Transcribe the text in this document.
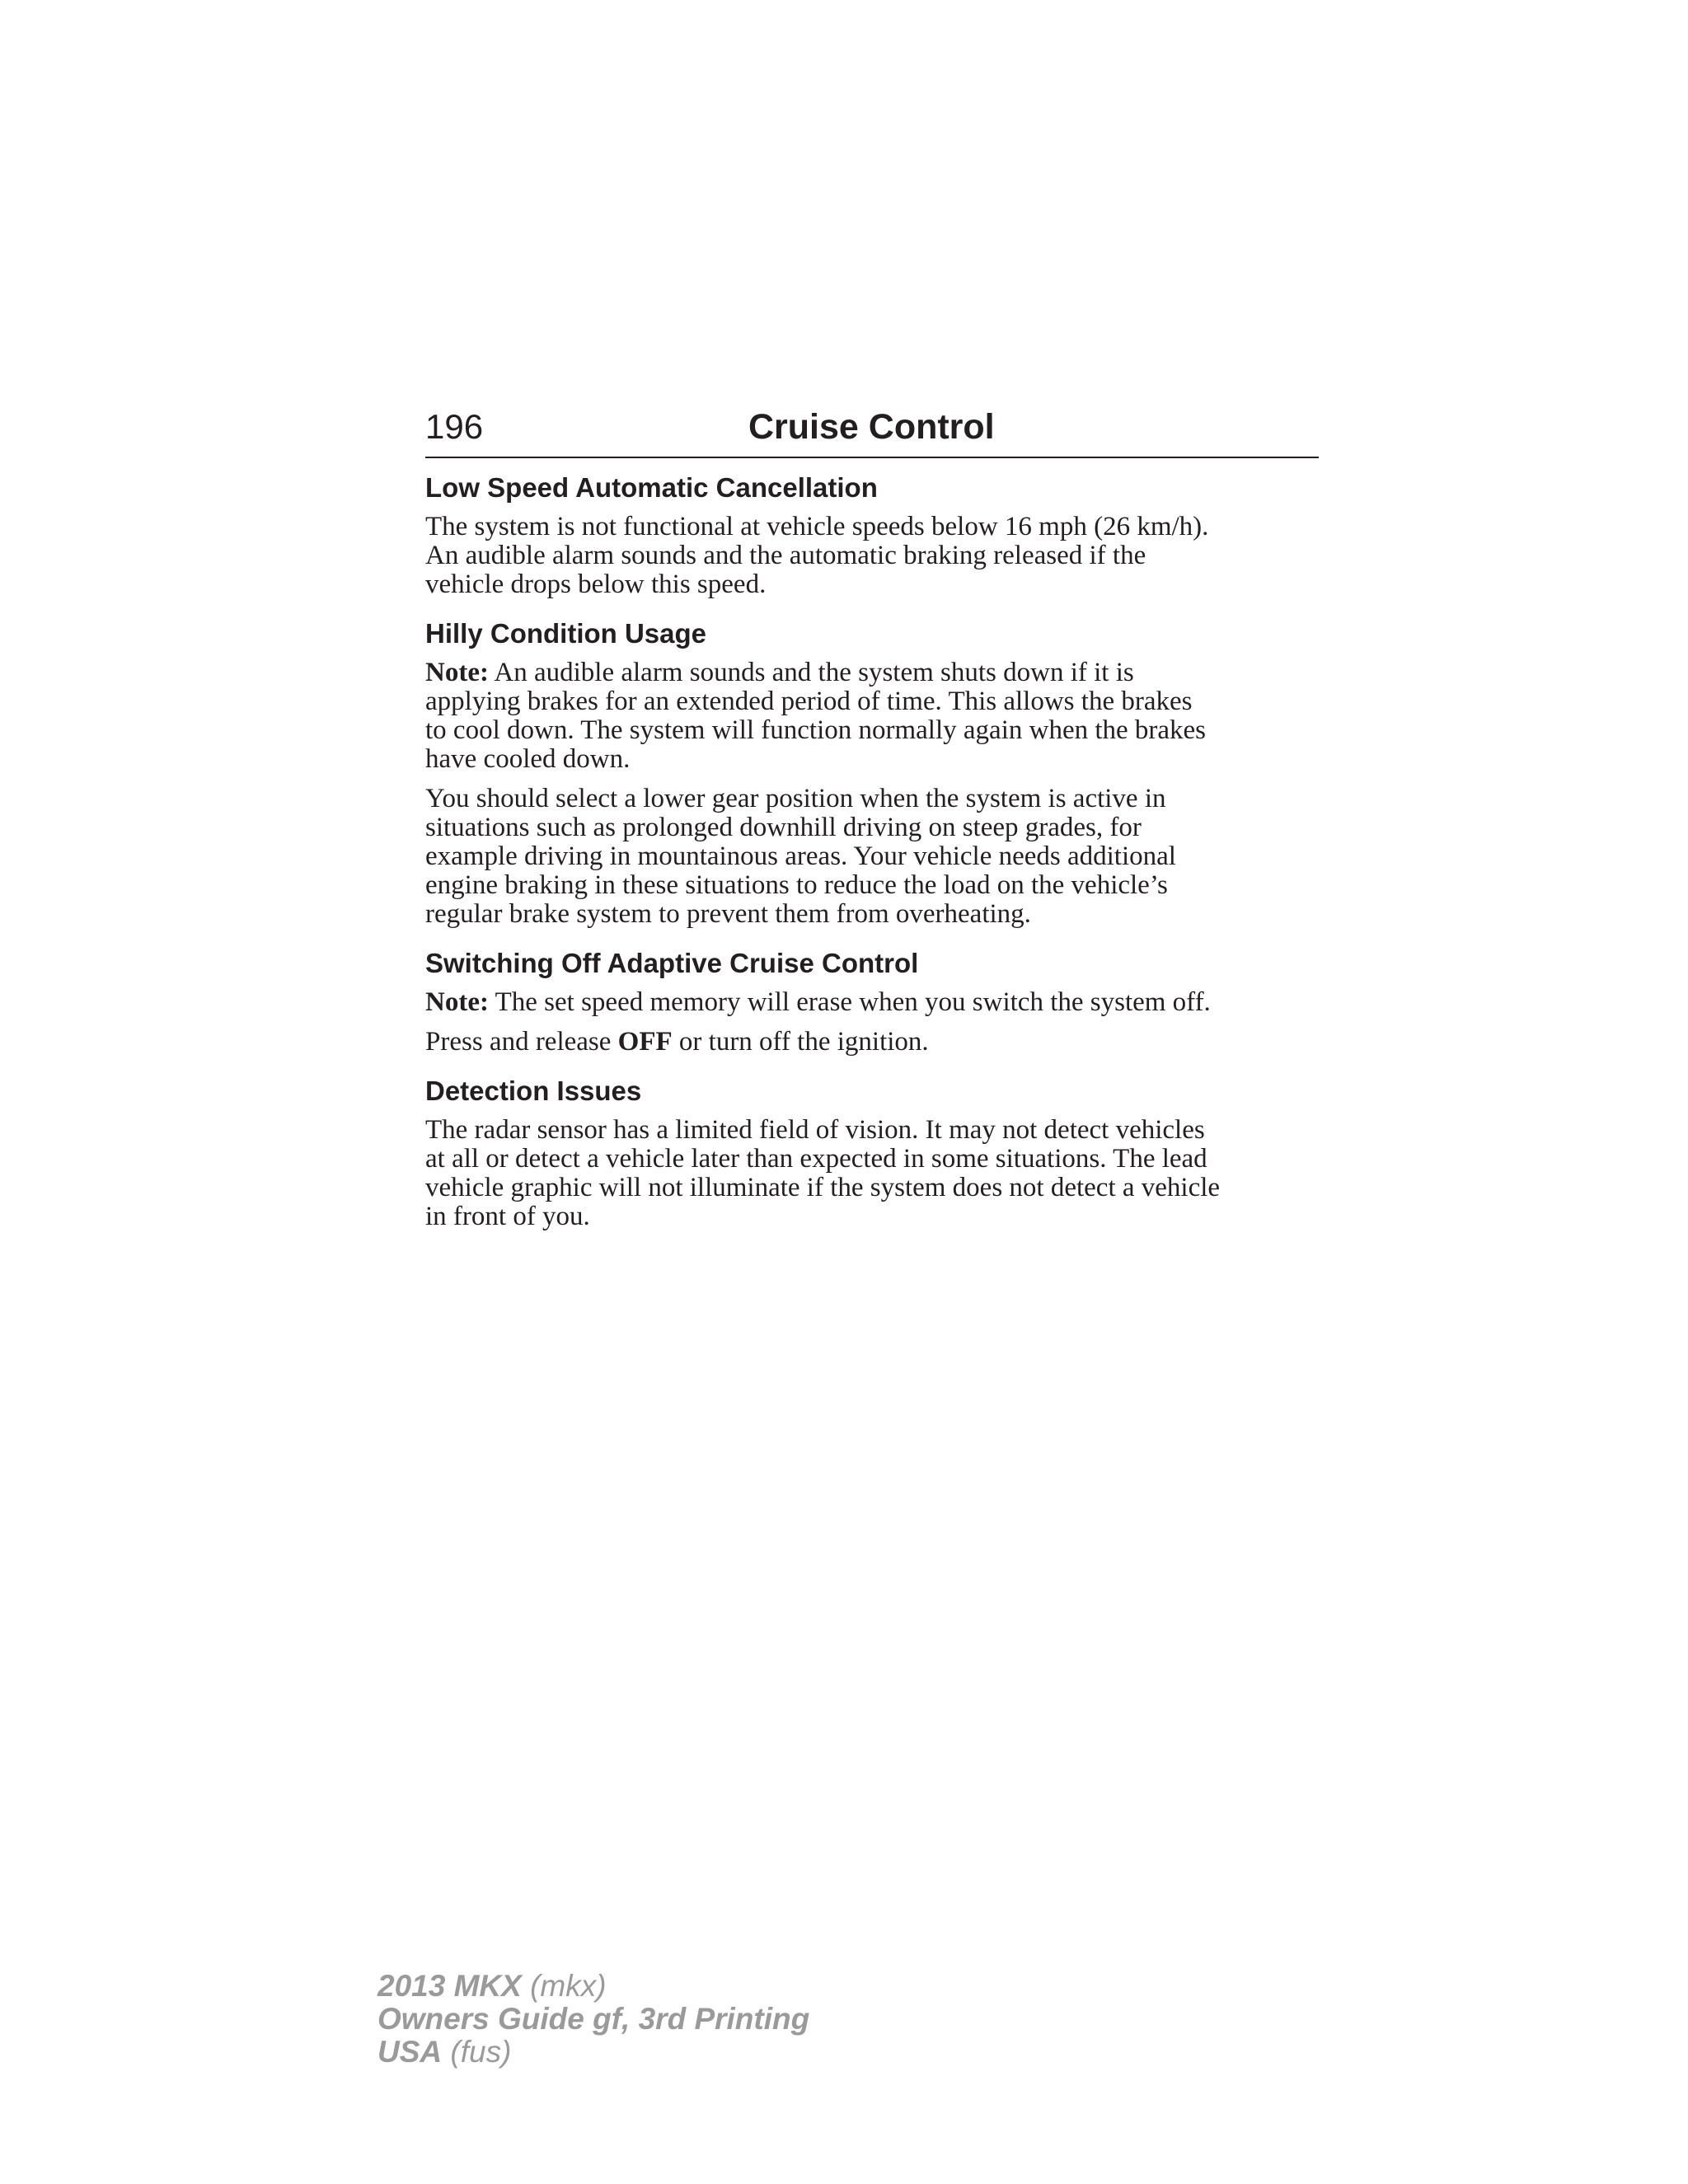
196	Cruise Control
Low Speed Automatic Cancellation
The system is not functional at vehicle speeds below 16 mph (26 km/h).
An audible alarm sounds and the automatic braking released if the
vehicle drops below this speed.
Hilly Condition Usage
Note: An audible alarm sounds and the system shuts down if it is
applying brakes for an extended period of time. This allows the brakes
to cool down. The system will function normally again when the brakes
have cooled down.
You should select a lower gear position when the system is active in
situations such as prolonged downhill driving on steep grades, for
example driving in mountainous areas. Your vehicle needs additional
engine braking in these situations to reduce the load on the vehicle’s
regular brake system to prevent them from overheating.
Switching Off Adaptive Cruise Control
Note: The set speed memory will erase when you switch the system off.
Press and release OFF or turn off the ignition.
Detection Issues
The radar sensor has a limited field of vision. It may not detect vehicles
at all or detect a vehicle later than expected in some situations. The lead
vehicle graphic will not illuminate if the system does not detect a vehicle
in front of you.
2013 MKX (mkx)
Owners Guide gf, 3rd Printing
USA (fus)
